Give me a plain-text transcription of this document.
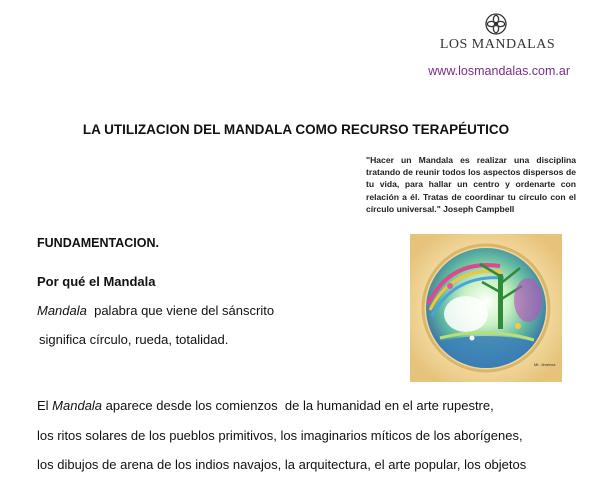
LOS MANDALAS
www.losmandalas.com.ar
LA UTILIZACION DEL MANDALA COMO RECURSO TERAPÉUTICO
"Hacer un Mandala es realizar una disciplina tratando de reunir todos los aspectos dispersos de tu vida, para hallar un centro y ordenarte con relación a él. Tratas de coordinar tu círculo con el círculo universal." Joseph Campbell
FUNDAMENTACION.
Por qué el Mandala
Mandala  palabra que viene del sánscrito
significa círculo, rueda, totalidad.
El Mandala aparece desde los comienzos  de la humanidad en el arte rupestre,
los ritos solares de los pueblos primitivos, los imaginarios míticos de los aborígenes,
los dibujos de arena de los indios navajos, la arquitectura, el arte popular, los objetos
Mt. Jiménez
